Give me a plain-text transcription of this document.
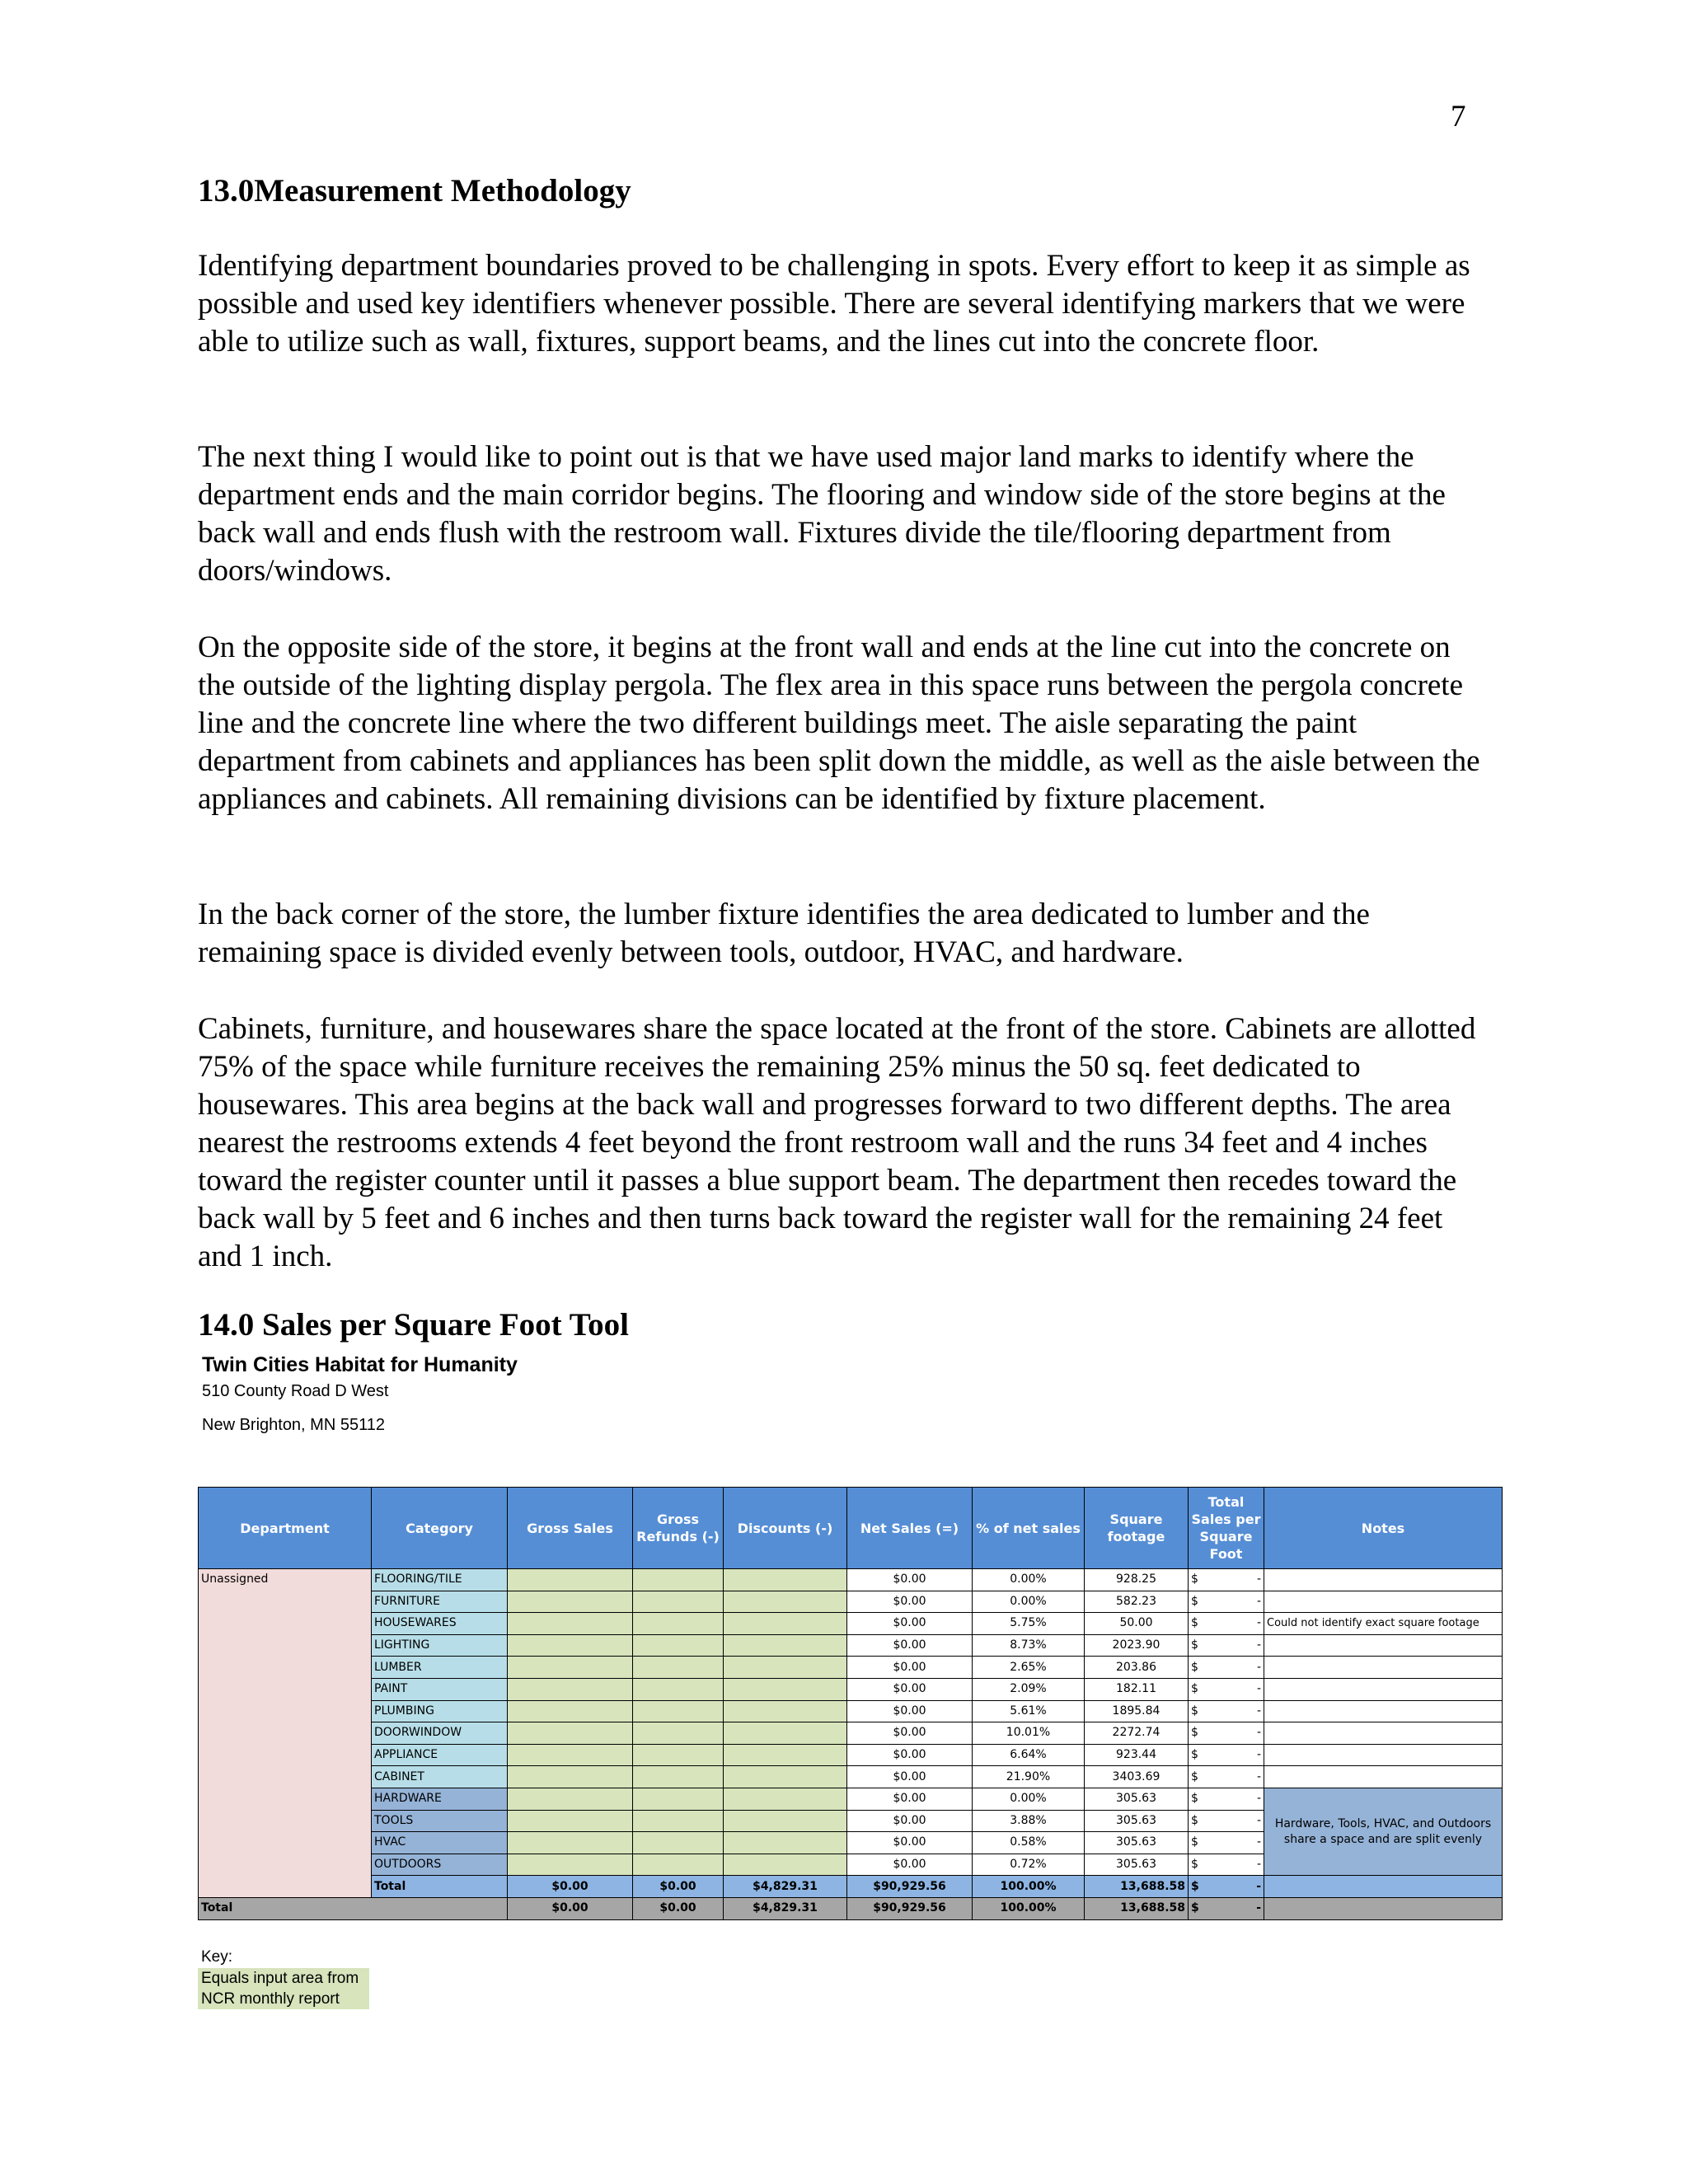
7
13.0Measurement Methodology

Identifying department boundaries proved to be challenging in spots. Every effort to keep it as simple as possible and used key identifiers whenever possible. There are several identifying markers that we were able to utilize such as wall, fixtures, support beams, and the lines cut into the concrete floor.

The next thing I would like to point out is that we have used major land marks to identify where the department ends and the main corridor begins. The flooring and window side of the store begins at the back wall and ends flush with the restroom wall. Fixtures divide the tile/flooring department from doors/windows.

On the opposite side of the store, it begins at the front wall and ends at the line cut into the concrete on the outside of the lighting display pergola. The flex area in this space runs between the pergola concrete line and the concrete line where the two different buildings meet. The aisle separating the paint department from cabinets and appliances has been split down the middle, as well as the aisle between the appliances and cabinets. All remaining divisions can be identified by fixture placement.

In the back corner of the store, the lumber fixture identifies the area dedicated to lumber and the remaining space is divided evenly between tools, outdoor, HVAC, and hardware.

Cabinets, furniture, and housewares share the space located at the front of the store. Cabinets are allotted 75% of the space while furniture receives the remaining 25% minus the 50 sq. feet dedicated to housewares. This area begins at the back wall and progresses forward to two different depths. The area nearest the restrooms extends 4 feet beyond the front restroom wall and the runs 34 feet and 4 inches toward the register counter until it passes a blue support beam. The department then recedes toward the back wall by 5 feet and 6 inches and then turns back toward the register wall for the remaining 24 feet and 1 inch.

14.0 Sales per Square Foot Tool
Twin Cities Habitat for Humanity
510 County Road D West
New Brighton, MN 55112
Department	Category	Gross Sales	Gross Refunds (-)	Discounts (-)	Net Sales (=)	% of net sales	Square footage	Total Sales per Square Foot	Notes
Unassigned	FLOORING/TILE				$0.00	0.00%	928.25	$ -	

	FURNITURE				$0.00	0.00%	582.23	$ -	

	HOUSEWARES				$0.00	5.75%	50.00	$ -	Could not identify exact square footage
	LIGHTING				$0.00	8.73%	2023.90	$ -	

	LUMBER				$0.00	2.65%	203.86	$ -	

	PAINT				$0.00	2.09%	182.11	$ -	

	PLUMBING				$0.00	5.61%	1895.84	$ -	

	DOORWINDOW				$0.00	10.01%	2272.74	$ -	

	APPLIANCE				$0.00	6.64%	923.44	$ -	

	CABINET				$0.00	21.90%	3403.69	$ -	

	HARDWARE				$0.00	0.00%	305.63	$ -	Hardware, Tools, HVAC, and Outdoors share a space and are split evenly
	TOOLS				$0.00	3.88%	305.63	$ -	

	HVAC				$0.00	0.58%	305.63	$ -	

	OUTDOORS				$0.00	0.72%	305.63	$ -	

	Total	$0.00	$0.00	$4,829.31	$90,929.56	100.00%	13,688.58	$ -	

Total		$0.00	$0.00	$4,829.31	$90,929.56	100.00%	13,688.58	$ -	

Key:
Equals input area from
NCR monthly report
